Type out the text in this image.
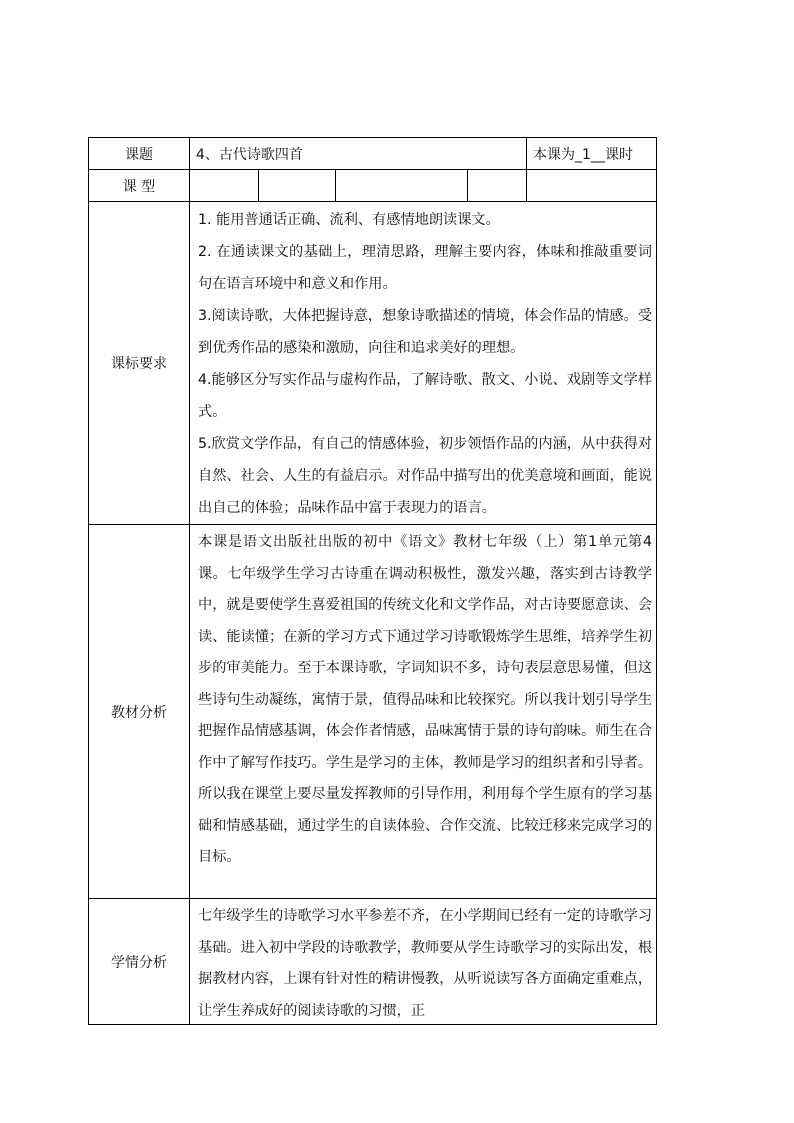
课题	4、古代诗歌四首				本课为_1__课时
课 型					
课标要求	1. 能用普通话正确、流利、有感情地朗读课文。

2. 在通读课文的基础上，理清思路，理解主要内容，体味和推敲重要词句在语言环境中和意义和作用。

3.阅读诗歌，大体把握诗意，想象诗歌描述的情境，体会作品的情感。受到优秀作品的感染和激励，向往和追求美好的理想。

4.能够区分写实作品与虚构作品，了解诗歌、散文、小说、戏剧等文学样式。

5.欣赏文学作品，有自己的情感体验，初步领悟作品的内涵，从中获得对自然、社会、人生的有益启示。对作品中描写出的优美意境和画面，能说出自己的体验；品味作品中富于表现力的语言。				

教材分析	本课是语文出版社出版的初中《语文》教材七年级（上）第1单元第4课。七年级学生学习古诗重在调动积极性，激发兴趣，落实到古诗教学中，就是要使学生喜爱祖国的传统文化和文学作品，对古诗要愿意读、会读、能读懂；在新的学习方式下通过学习诗歌锻炼学生思维，培养学生初步的审美能力。至于本课诗歌，字词知识不多，诗句表层意思易懂，但这些诗句生动凝练，寓情于景，值得品味和比较探究。所以我计划引导学生把握作品情感基调，体会作者情感，品味寓情于景的诗句韵味。师生在合作中了解写作技巧。学生是学习的主体，教师是学习的组织者和引导者。所以我在课堂上要尽量发挥教师的引导作用，利用每个学生原有的学习基础和情感基础，通过学生的自读体验、合作交流、比较迁移来完成学习的目标。				
学情分析	七年级学生的诗歌学习水平参差不齐，在小学期间已经有一定的诗歌学习基础。进入初中学段的诗歌教学，教师要从学生诗歌学习的实际出发，根据教材内容，上课有针对性的精讲慢教，从听说读写各方面确定重难点，让学生养成好的阅读诗歌的习惯，正				
